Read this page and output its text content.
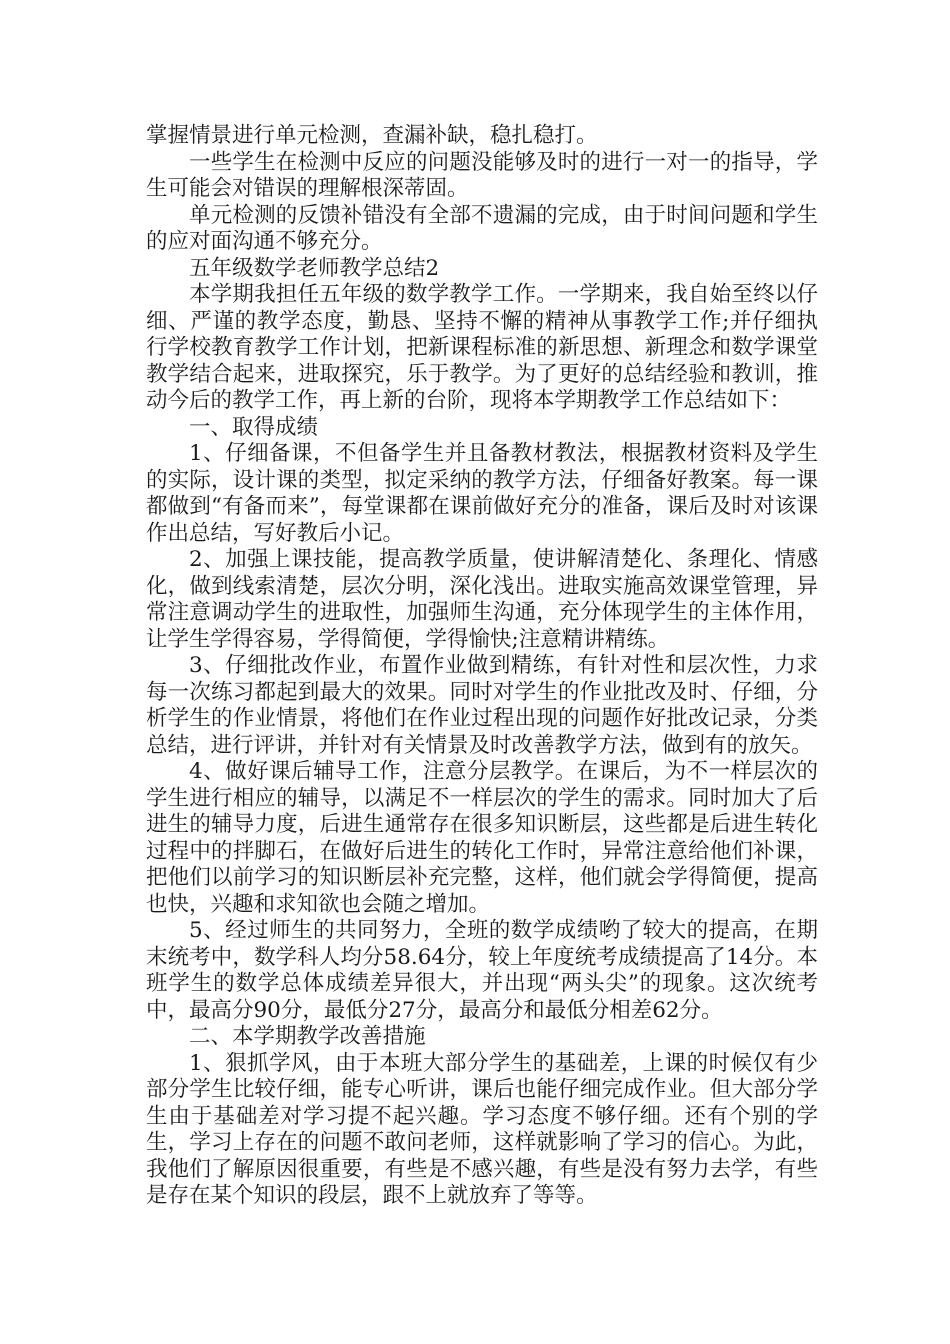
掌握情景进行单元检测，查漏补缺，稳扎稳打。

一些学生在检测中反应的问题没能够及时的进行一对一的指导，学生可能会对错误的理解根深蒂固。

单元检测的反馈补错没有全部不遗漏的完成，由于时间问题和学生的应对面沟通不够充分。

五年级数学老师教学总结2

本学期我担任五年级的数学教学工作。一学期来，我自始至终以仔细、严谨的教学态度，勤恳、坚持不懈的精神从事教学工作;并仔细执行学校教育教学工作计划，把新课程标准的新思想、新理念和数学课堂教学结合起来，进取探究，乐于教学。为了更好的总结经验和教训，推动今后的教学工作，再上新的台阶，现将本学期教学工作总结如下：

一、取得成绩

1、仔细备课，不但备学生并且备教材教法，根据教材资料及学生的实际，设计课的类型，拟定采纳的教学方法，仔细备好教案。每一课都做到“有备而来”，每堂课都在课前做好充分的准备，课后及时对该课作出总结，写好教后小记。

2、加强上课技能，提高教学质量，使讲解清楚化、条理化、情感化，做到线索清楚，层次分明，深化浅出。进取实施高效课堂管理，异常注意调动学生的进取性，加强师生沟通，充分体现学生的主体作用，让学生学得容易，学得简便，学得愉快;注意精讲精练。

3、仔细批改作业，布置作业做到精练，有针对性和层次性，力求每一次练习都起到最大的效果。同时对学生的作业批改及时、仔细，分析学生的作业情景，将他们在作业过程出现的问题作好批改记录，分类总结，进行评讲，并针对有关情景及时改善教学方法，做到有的放矢。

4、做好课后辅导工作，注意分层教学。在课后，为不一样层次的学生进行相应的辅导，以满足不一样层次的学生的需求。同时加大了后进生的辅导力度，后进生通常存在很多知识断层，这些都是后进生转化过程中的拌脚石，在做好后进生的转化工作时，异常注意给他们补课，把他们以前学习的知识断层补充完整，这样，他们就会学得简便，提高也快，兴趣和求知欲也会随之增加。

5、经过师生的共同努力，全班的数学成绩哟了较大的提高，在期末统考中，数学科人均分58.64分，较上年度统考成绩提高了14分。本班学生的数学总体成绩差异很大，并出现“两头尖”的现象。这次统考中，最高分90分，最低分27分，最高分和最低分相差62分。

二、本学期教学改善措施

1、狠抓学风，由于本班大部分学生的基础差，上课的时候仅有少部分学生比较仔细，能专心听讲，课后也能仔细完成作业。但大部分学生由于基础差对学习提不起兴趣。学习态度不够仔细。还有个别的学生，学习上存在的问题不敢问老师，这样就影响了学习的信心。为此，我他们了解原因很重要，有些是不感兴趣，有些是没有努力去学，有些是存在某个知识的段层，跟不上就放弃了等等。
